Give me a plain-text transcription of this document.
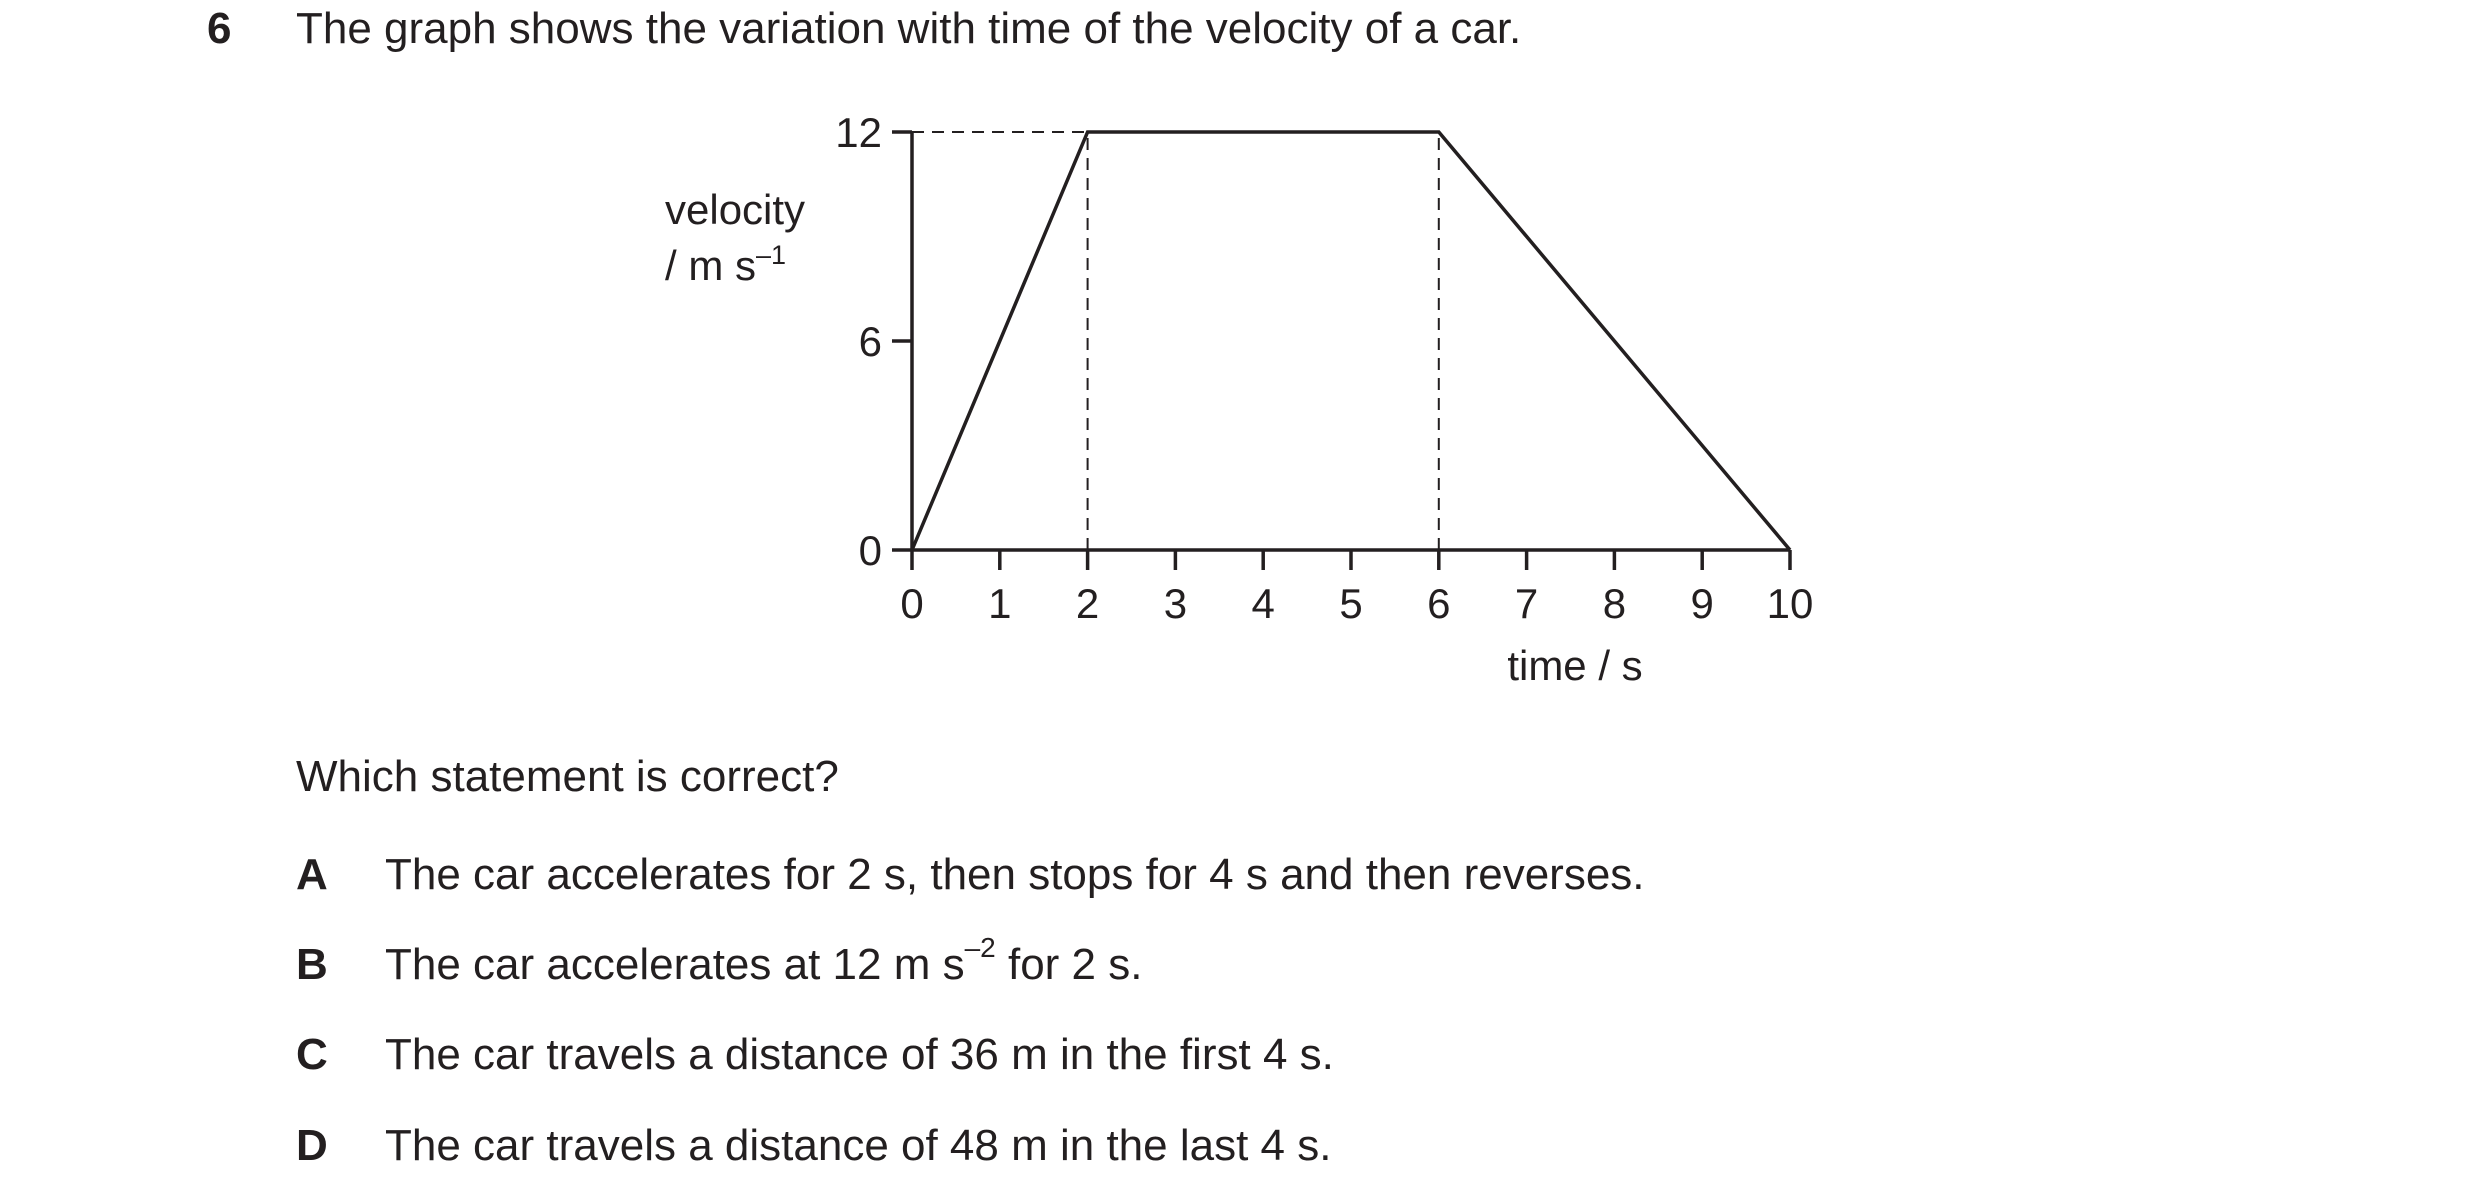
6 The graph shows the variation with time of the velocity of a car.
0 1 2 3 4 5 6 7 8 9 10
0
6
12
velocity
/ m $s^{-1}$
time / s
Which statement is correct?
A The car accelerates for 2 s, then stops for 4 s and then reverses.
B The car accelerates at 12 m $s^{-2}$ for 2 s.
C The car travels a distance of 36 m in the first 4 s.
D The car travels a distance of 48 m in the last 4 s.
